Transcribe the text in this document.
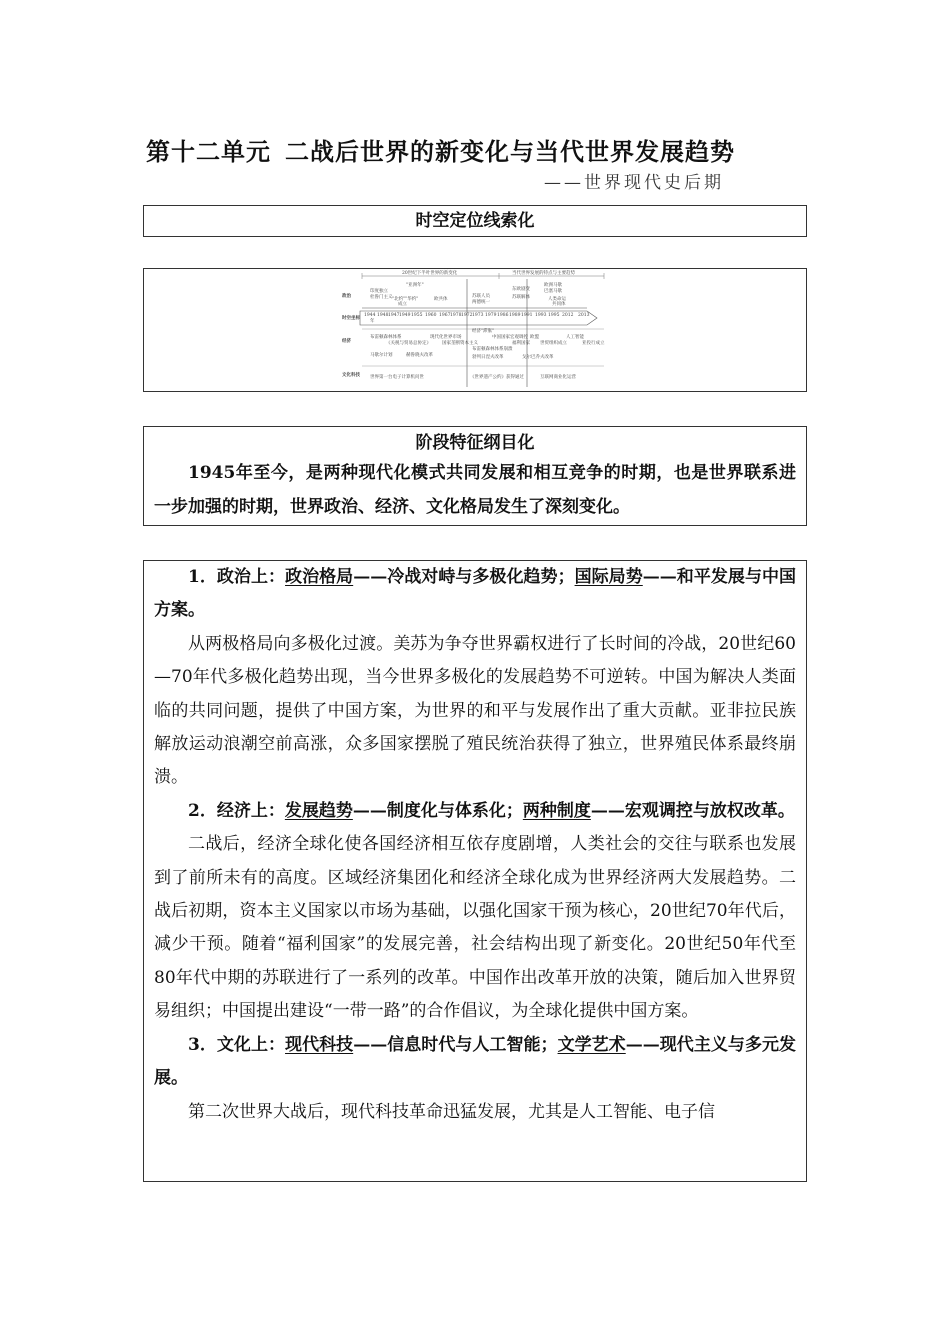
第十二单元 二战后世界的新变化与当代世界发展趋势
——世界现代史后期
时空定位线索化
20世纪下半叶世界的新变化	当代世界发展的特点与主要趋势
政治
时空坐标
经济
文化科技
印度独立
杜鲁门主义
"亚洲年"
"北约""华约"
成立
欧共体
苏联人员
两德统一
东欧剧变
苏联解体
欧洲马歇
巴塞马歇
人类命运
共同体
1944 1948 1947 1949 1955 1960 1967 1978 1972 1973 1979 1986 1989 1991 1993 1995 2012 2013
年
布雷顿森林体系
《关税与贸易总协定》
现代化世界市场
国家垄断资本主义
布雷顿森林体系崩溃
中国国家宏观调控
福利国家
欧盟
世贸组织成立
人工智能
亚投行成立
经济"滞胀"
马歇尔计划	赫鲁晓夫改革	勃列日涅夫改革	戈尔巴乔夫改革
世界第一台电子计算机问世	《世界遗产公约》获得通过	互联网商业化运营
阶段特征纲目化
1945年至今，是两种现代化模式共同发展和相互竞争的时期，也是世界联系进一步加强的时期，世界政治、经济、文化格局发生了深刻变化。

1．政治上：政治格局——冷战对峙与多极化趋势；国际局势——和平发展与中国方案。

从两极格局向多极化过渡。美苏为争夺世界霸权进行了长时间的冷战，20世纪60—70年代多极化趋势出现，当今世界多极化的发展趋势不可逆转。中国为解决人类面临的共同问题，提供了中国方案，为世界的和平与发展作出了重大贡献。亚非拉民族解放运动浪潮空前高涨，众多国家摆脱了殖民统治获得了独立，世界殖民体系最终崩溃。

2．经济上：发展趋势——制度化与体系化；两种制度——宏观调控与放权改革。

二战后，经济全球化使各国经济相互依存度剧增，人类社会的交往与联系也发展到了前所未有的高度。区域经济集团化和经济全球化成为世界经济两大发展趋势。二战后初期，资本主义国家以市场为基础，以强化国家干预为核心，20世纪70年代后，减少干预。随着“福利国家”的发展完善，社会结构出现了新变化。20世纪50年代至80年代中期的苏联进行了一系列的改革。中国作出改革开放的决策，随后加入世界贸易组织；中国提出建设“一带一路”的合作倡议，为全球化提供中国方案。

3．文化上：现代科技——信息时代与人工智能；文学艺术——现代主义与多元发展。

第二次世界大战后，现代科技革命迅猛发展，尤其是人工智能、电子信
